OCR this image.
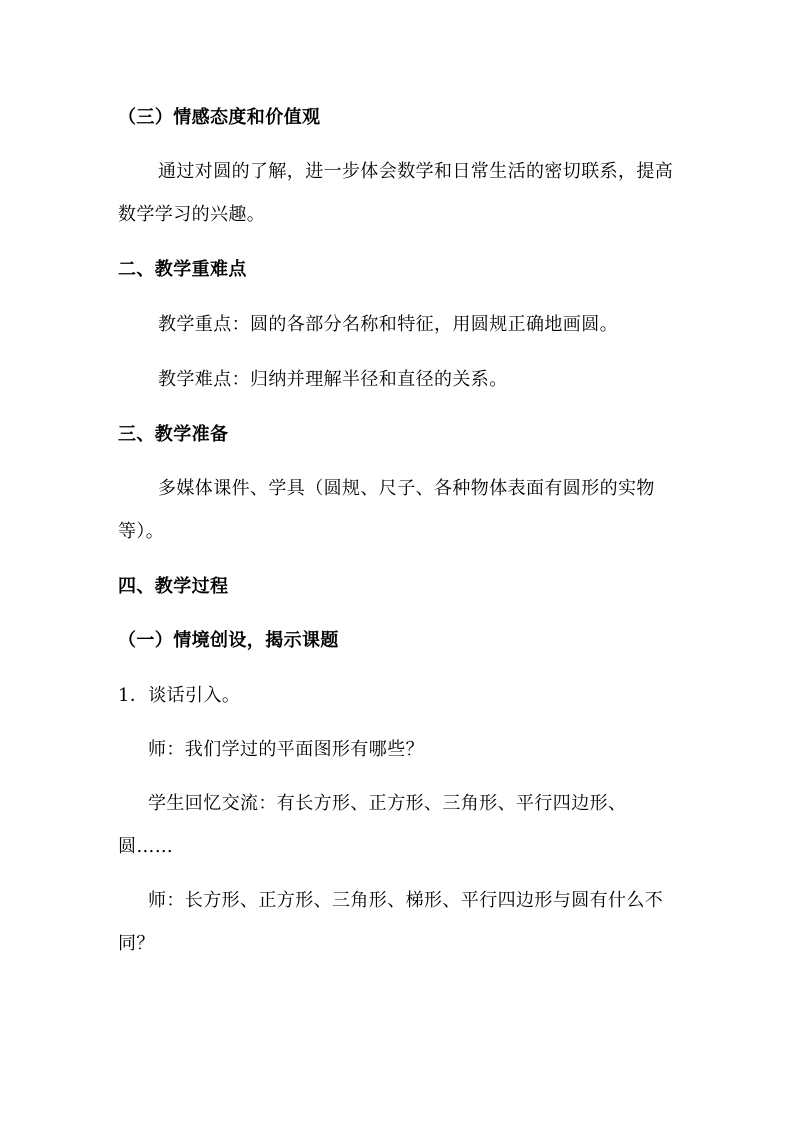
（三）情感态度和价值观

通过对圆的了解，进一步体会数学和日常生活的密切联系，提高

数学学习的兴趣。

二、教学重难点

教学重点：圆的各部分名称和特征，用圆规正确地画圆。

教学难点：归纳并理解半径和直径的关系。

三、教学准备

多媒体课件、学具（圆规、尺子、各种物体表面有圆形的实物

等）。

四、教学过程

（一）情境创设，揭示课题

1．谈话引入。

师：我们学过的平面图形有哪些？

学生回忆交流：有长方形、正方形、三角形、平行四边形、

圆……

师：长方形、正方形、三角形、梯形、平行四边形与圆有什么不

同？
